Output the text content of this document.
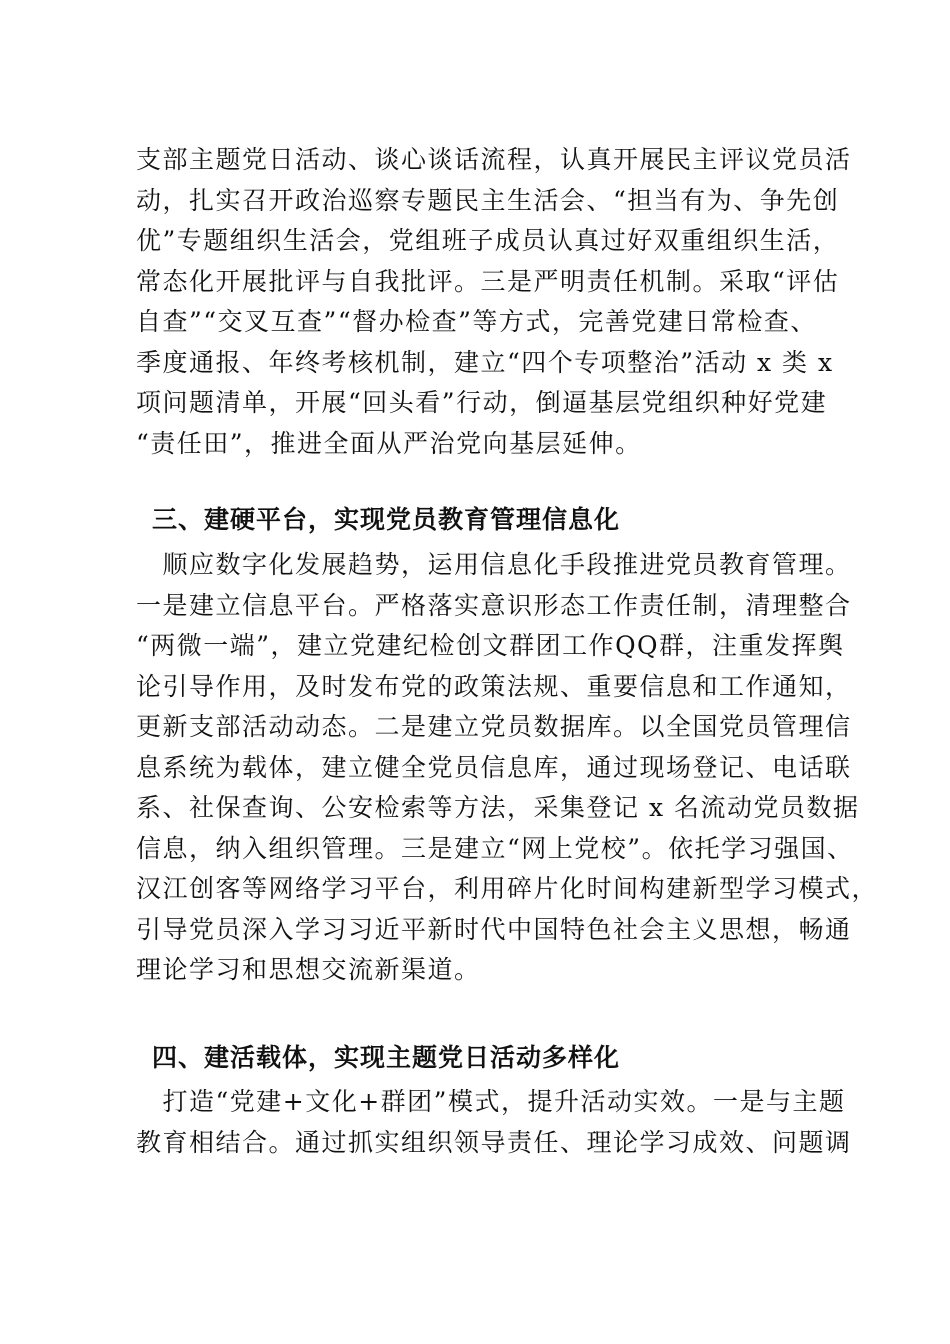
支部主题党日活动、谈心谈话流程，认真开展民主评议党员活
动，扎实召开政治巡察专题民主生活会、“担当有为、争先创
优”专题组织生活会，党组班子成员认真过好双重组织生活，
常态化开展批评与自我批评。三是严明责任机制。采取“评估
自查”“交叉互查”“督办检查”等方式，完善党建日常检查、
季度通报、年终考核机制，建立“四个专项整治”活动 x 类 x
项问题清单，开展“回头看”行动，倒逼基层党组织种好党建
“责任田”，推进全面从严治党向基层延伸。
三、建硬平台，实现党员教育管理信息化
　顺应数字化发展趋势，运用信息化手段推进党员教育管理。
一是建立信息平台。严格落实意识形态工作责任制，清理整合
“两微一端”，建立党建纪检创文群团工作QQ群，注重发挥舆
论引导作用，及时发布党的政策法规、重要信息和工作通知，
更新支部活动动态。二是建立党员数据库。以全国党员管理信
息系统为载体，建立健全党员信息库，通过现场登记、电话联
系、社保查询、公安检索等方法，采集登记 x 名流动党员数据
信息，纳入组织管理。三是建立“网上党校”。依托学习强国、
汉江创客等网络学习平台，利用碎片化时间构建新型学习模式，
引导党员深入学习习近平新时代中国特色社会主义思想，畅通
理论学习和思想交流新渠道。
四、建活载体，实现主题党日活动多样化
　打造“党建+文化+群团”模式，提升活动实效。一是与主题
教育相结合。通过抓实组织领导责任、理论学习成效、问题调
